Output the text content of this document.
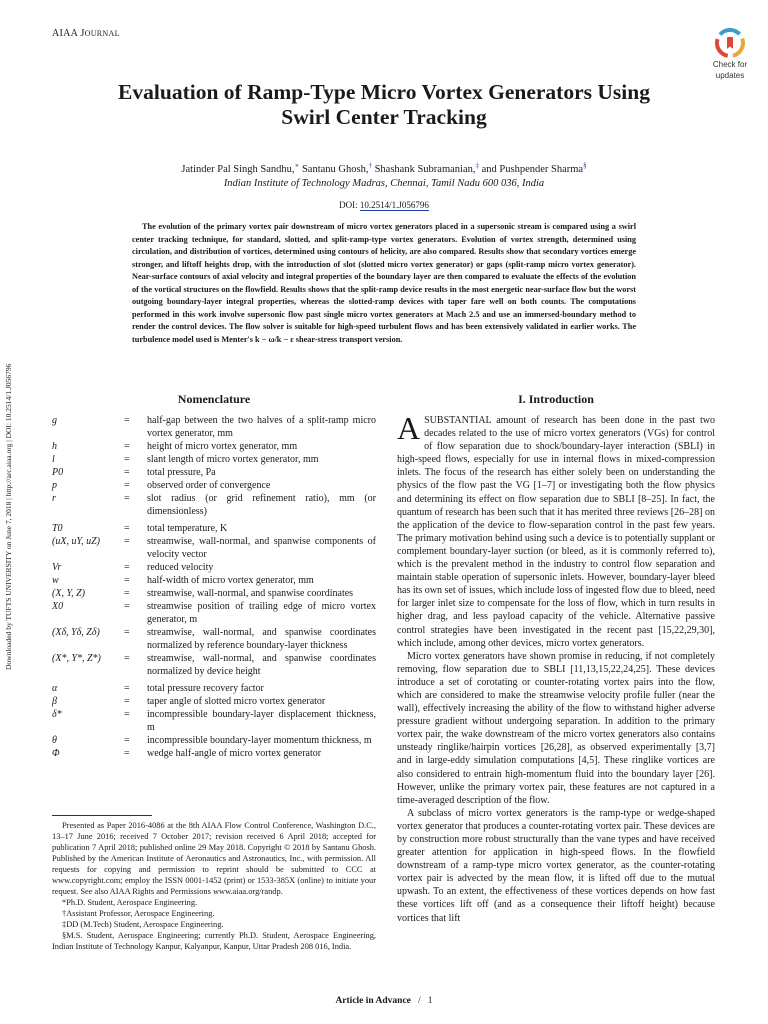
AIAA JOURNAL
Check for
updates
Evaluation of Ramp-Type Micro Vortex Generators Using
Swirl Center Tracking
Jatinder Pal Singh Sandhu,∗ Santanu Ghosh,† Shashank Subramanian,‡ and Pushpender Sharma§
Indian Institute of Technology Madras, Chennai, Tamil Nadu 600 036, India
DOI: 10.2514/1.J056796
The evolution of the primary vortex pair downstream of micro vortex generators placed in a supersonic stream is compared using a swirl center tracking technique, for standard, slotted, and split-ramp-type vortex generators. Evolution of vortex strength, determined using circulation, and distribution of vortices, determined using contours of helicity, are also compared. Results show that secondary vortices emerge stronger, and liftoff heights drop, with the introduction of slot (slotted micro vortex generator) or gaps (split-ramp micro vortex generator). Near-surface contours of axial velocity and integral properties of the boundary layer are then compared to evaluate the effects of the evolution of the vortical structures on the flowfield. Results shows that the split-ramp device results in the most energetic near-surface flow but the worst outgoing boundary-layer integral properties, whereas the slotted-ramp devices with taper fare well on both counts. The computations performed in this work involve supersonic flow past single micro vortex generators at Mach 2.5 and use an immersed-boundary method to render the control devices. The flow solver is suitable for high-speed turbulent flows and has been extensively validated in earlier works. The turbulence model used is Menter's k − ω/k − ε shear-stress transport version.
Downloaded by TUFTS UNIVERSITY on June 7, 2018 | http://arc.aiaa.org | DOI: 10.2514/1.J056796	Nomenclature
g	=	half-gap between the two halves of a split-ramp micro vortex generator, mm
h	=	height of micro vortex generator, mm
l	=	slant length of micro vortex generator, mm
P0	=	total pressure, Pa
p	=	observed order of convergence
r	=	slot radius (or grid refinement ratio), mm (or dimensionless)
T0	=	total temperature, K
(uX, uY, uZ)	=	streamwise, wall-normal, and spanwise components of velocity vector
Vr	=	reduced velocity
w	=	half-width of micro vortex generator, mm
(X, Y, Z)	=	streamwise, wall-normal, and spanwise coordinates
X0	=	streamwise position of trailing edge of micro vortex generator, m
(Xδ, Yδ, Zδ)	=	streamwise, wall-normal, and spanwise coordinates normalized by reference boundary-layer thickness
(X*, Y*, Z*)	=	streamwise, wall-normal, and spanwise coordinates normalized by device height
α	=	total pressure recovery factor
β	=	taper angle of slotted micro vortex generator
δ*	=	incompressible boundary-layer displacement thickness, m
θ	=	incompressible boundary-layer momentum thickness, m
Φ	=	wedge half-angle of micro vortex generator

Presented as Paper 2016-4086 at the 8th AIAA Flow Control Conference, Washington D.C., 13–17 June 2016; received 7 October 2017; revision received 6 April 2018; accepted for publication 7 April 2018; published online 29 May 2018. Copyright © 2018 by Santanu Ghosh. Published by the American Institute of Aeronautics and Astronautics, Inc., with permission. All requests for copying and permission to reprint should be submitted to CCC at www.copyright.com; employ the ISSN 0001-1452 (print) or 1533-385X (online) to initiate your request. See also AIAA Rights and Permissions www.aiaa.org/randp.

*Ph.D. Student, Aerospace Engineering.

†Assistant Professor, Aerospace Engineering.

‡DD (M.Tech) Student, Aerospace Engineering.

§M.S. Student, Aerospace Engineering; currently Ph.D. Student, Aerospace Engineering, Indian Institute of Technology Kanpur, Kalyanpur, Kanpur, Uttar Pradesh 208 016, India.

I. Introduction

A SUBSTANTIAL amount of research has been done in the past two decades related to the use of micro vortex generators (VGs) for control of flow separation due to shock/boundary-layer interaction (SBLI) in high-speed flows, especially for use in internal flows in mixed-compression inlets. The focus of the research has either solely been on understanding the physics of the flow past the VG [1–7] or investigating both the flow physics and determining its effect on flow separation due to SBLI [8–25]. In fact, the quantum of research has been such that it has merited three reviews [26–28] on the application of the device to flow-separation control in the past few years. The primary motivation behind using such a device is to potentially supplant or complement boundary-layer suction (or bleed, as it is commonly referred to), which is the prevalent method in the industry to control flow separation and maintain stable operation of supersonic inlets. However, boundary-layer bleed has its own set of issues, which include loss of ingested flow due to bleed, need for larger inlet size to compensate for the loss of flow, which in turn results in higher drag, and less payload capacity of the vehicle. Alternative passive control strategies have been investigated in the recent past [15,22,29,30], which include, among other devices, micro vortex generators.

Micro vortex generators have shown promise in reducing, if not completely removing, flow separation due to SBLI [11,13,15,22,24,25]. These devices introduce a set of corotating or counter-rotating vortex pairs into the flow, which are considered to make the streamwise velocity profile fuller (near the wall), effectively increasing the ability of the flow to withstand higher adverse pressure gradient without undergoing separation. In addition to the primary vortex pair, the wake downstream of the micro vortex generators also contains unsteady ringlike/hairpin vortices [26,28], as observed experimentally [3,7] and in large-eddy simulation computations [4,5]. These ringlike vortices are also considered to entrain high-momentum fluid into the boundary layer [26]. However, unlike the primary vortex pair, these features are not captured in a time-averaged description of the flow.

A subclass of micro vortex generators is the ramp-type or wedge-shaped vortex generator that produces a counter-rotating vortex pair. These devices are by construction more robust structurally than the vane types and have received greater attention for application in high-speed flows. In the flowfield downstream of a ramp-type micro vortex generator, as the counter-rotating vortex pair is advected by the mean flow, it is lifted off due to the mutual upwash. To an extent, the effectiveness of these vortices depends on how fast these vortices lift off (and as a consequence their liftoff height) because vortices that lift

Article in Advance / 1
